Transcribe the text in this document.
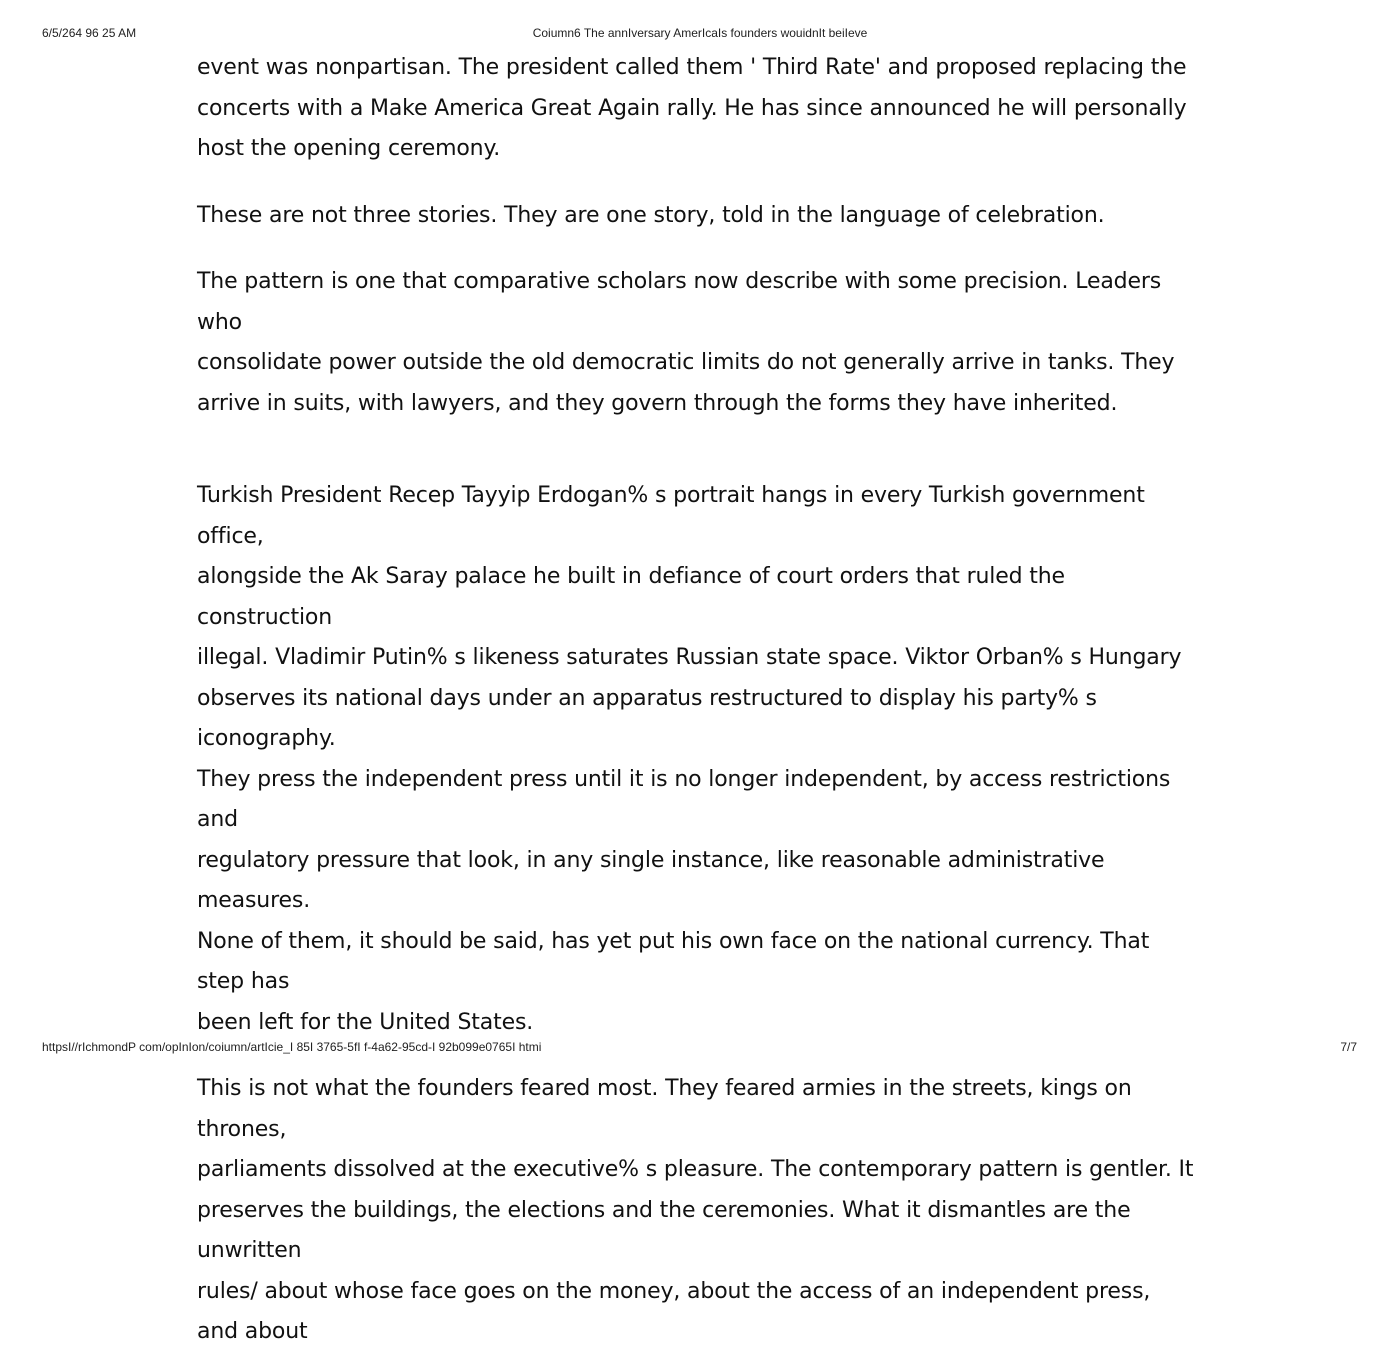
6/5/264 96 25 AM	Coiumn6 The annIversary AmerIcaIs founders wouidnIt beiIeve

event was nonpartisan. The president called them ' Third Rate' and proposed replacing the
concerts with a Make America Great Again rally. He has since announced he will personally
host the opening ceremony.

These are not three stories. They are one story, told in the language of celebration.

The pattern is one that comparative scholars now describe with some precision. Leaders who
consolidate power outside the old democratic limits do not generally arrive in tanks. They
arrive in suits, with lawyers, and they govern through the forms they have inherited.

Turkish President Recep Tayyip Erdogan% s portrait hangs in every Turkish government office,
alongside the Ak Saray palace he built in defiance of court orders that ruled the construction
illegal. Vladimir Putin% s likeness saturates Russian state space. Viktor Orban% s Hungary
observes its national days under an apparatus restructured to display his party% s iconography.
They press the independent press until it is no longer independent, by access restrictions and
regulatory pressure that look, in any single instance, like reasonable administrative measures.
None of them, it should be said, has yet put his own face on the national currency. That step has
been left for the United States.

This is not what the founders feared most. They feared armies in the streets, kings on thrones,
parliaments dissolved at the executive% s pleasure. The contemporary pattern is gentler. It
preserves the buildings, the elections and the ceremonies. What it dismantles are the unwritten
rules/ about whose face goes on the money, about the access of an independent press, and about

httpsI//rIchmondP com/opInIon/coiumn/artIcie_I 85I 3765-5fI f-4a62-95cd-I 92b099e0765I htmi	7/7
